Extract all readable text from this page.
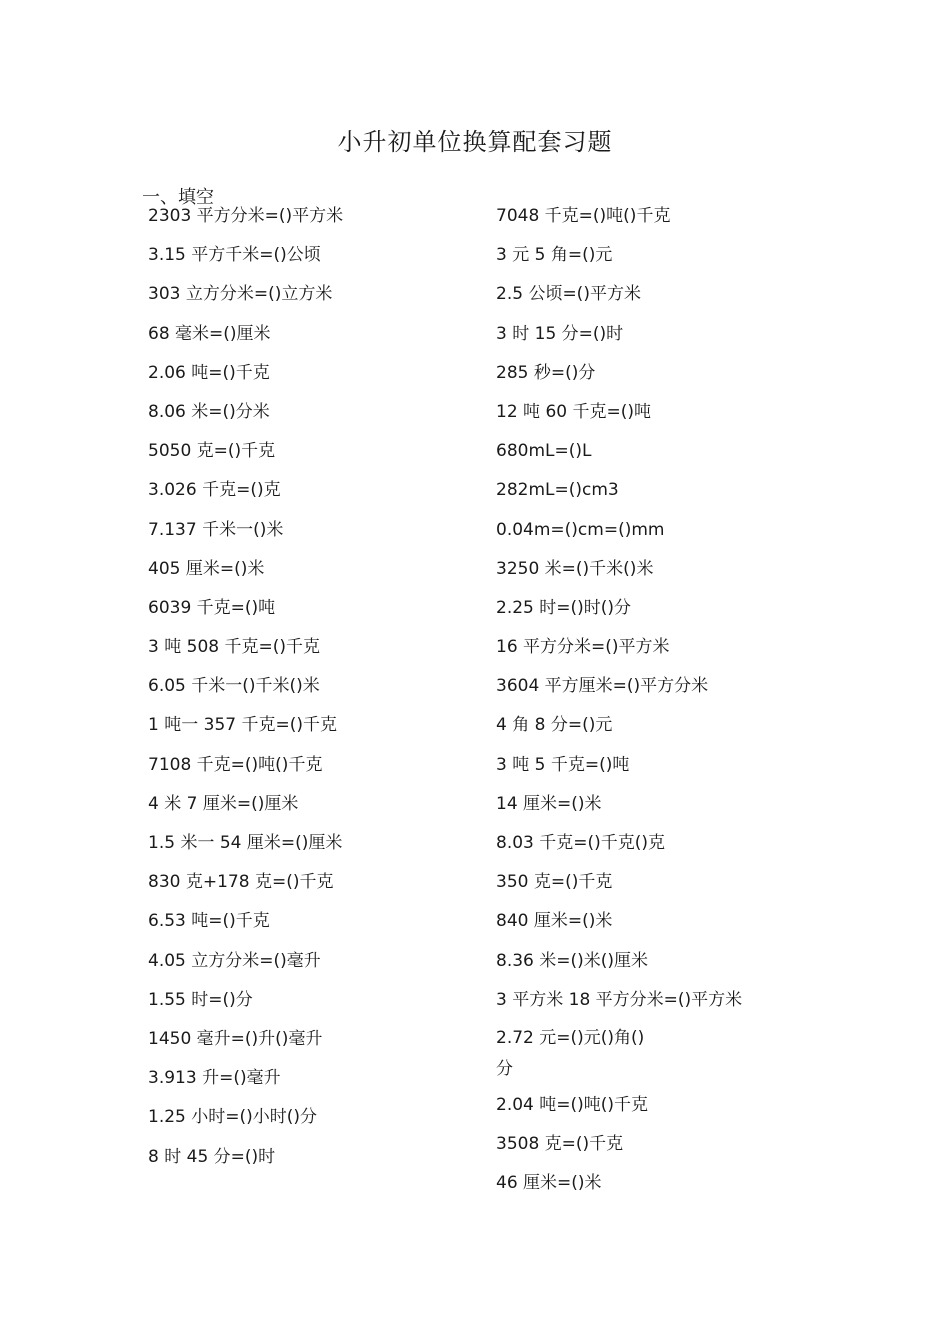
小升初单位换算配套习题
一、填空
2303 平方分米=()平方米
3.15 平方千米=()公顷
303 立方分米=()立方米
68 毫米=()厘米
2.06 吨=()千克
8.06 米=()分米
5050 克=()千克
3.026 千克=()克
7.137 千米一()米
405 厘米=()米
6039 千克=()吨
3 吨 508 千克=()千克
6.05 千米一()千米()米
1 吨一 357 千克=()千克
7108 千克=()吨()千克
4 米 7 厘米=()厘米
1.5 米一 54 厘米=()厘米
830 克+178 克=()千克
6.53 吨=()千克
4.05 立方分米=()毫升
1.55 时=()分
1450 毫升=()升()毫升
3.913 升=()毫升
1.25 小时=()小时()分
8 时 45 分=()时
7048 千克=()吨()千克
3 元 5 角=()元
2.5 公顷=()平方米
3 时 15 分=()时
285 秒=()分
12 吨 60 千克=()吨
680mL=()L
282mL=()cm3
0.04m=()cm=()mm
3250 米=()千米()米
2.25 时=()时()分
16 平方分米=()平方米
3604 平方厘米=()平方分米
4 角 8 分=()元
3 吨 5 千克=()吨
14 厘米=()米
8.03 千克=()千克()克
350 克=()千克
840 厘米=()米
8.36 米=()米()厘米
3 平方米 18 平方分米=()平方米
2.72 元=()元()角()分
2.04 吨=()吨()千克
3508 克=()千克
46 厘米=()米
